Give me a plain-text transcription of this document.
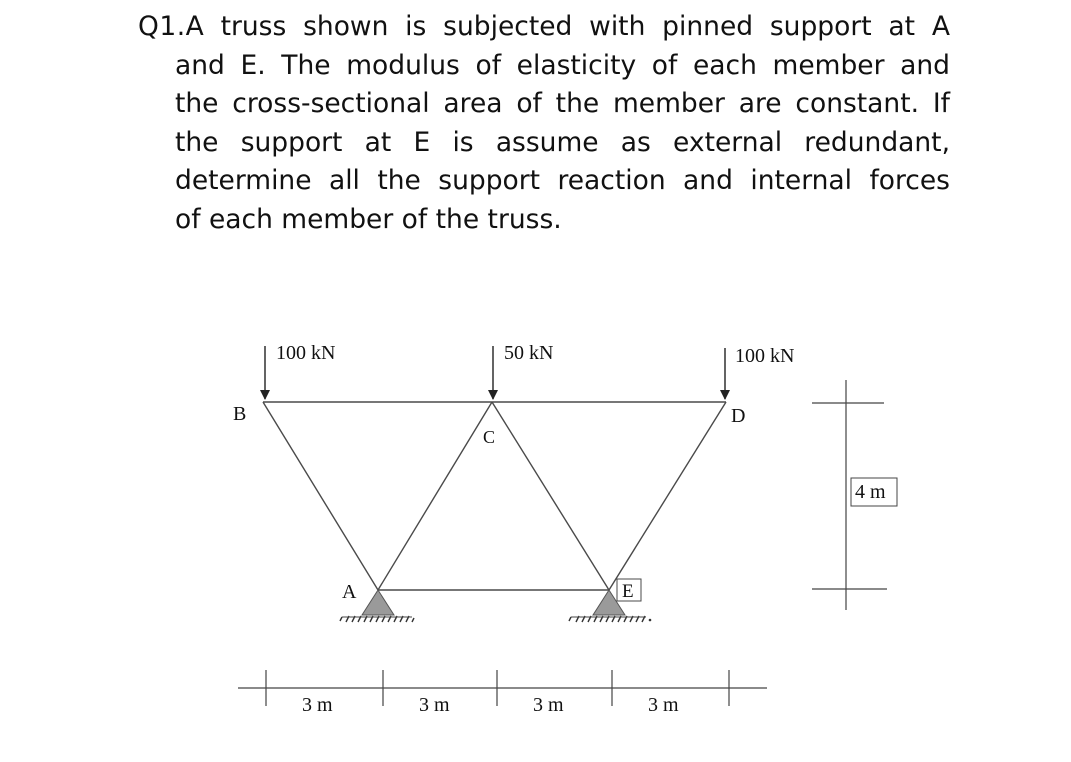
Q1.A truss shown is subjected with pinned support at A
and E. The modulus of elasticity of each member and
the cross-sectional area of the member are constant. If
the support at E is assume as external redundant,
determine all the support reaction and internal forces
of each member of the truss.
100 kN	50 kN	100 kN
B	D
C
A	E
4 m
3 m	3 m	3 m	3 m
